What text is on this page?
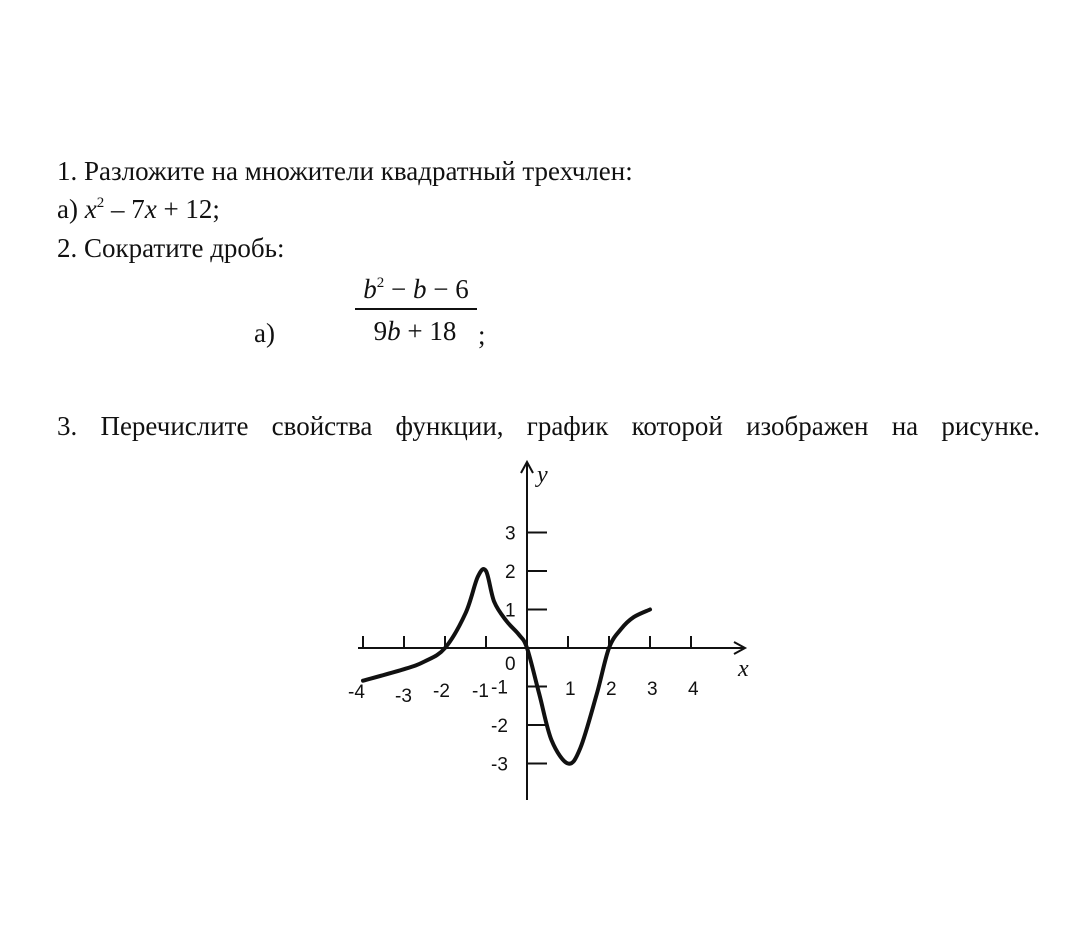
1. Разложите на множители квадратный трехчлен:
а) $x^2 - 7x + 12$;
2. Сократите дробь:
а)
$b^2 - b - 6$
9b + 18 ;
3. Перечислите свойства функции, график которой изображен на рисунке.
-4 -3 -2 -1	1 2 3 4
3
2
1
-1
-2
-3
0	x
y
